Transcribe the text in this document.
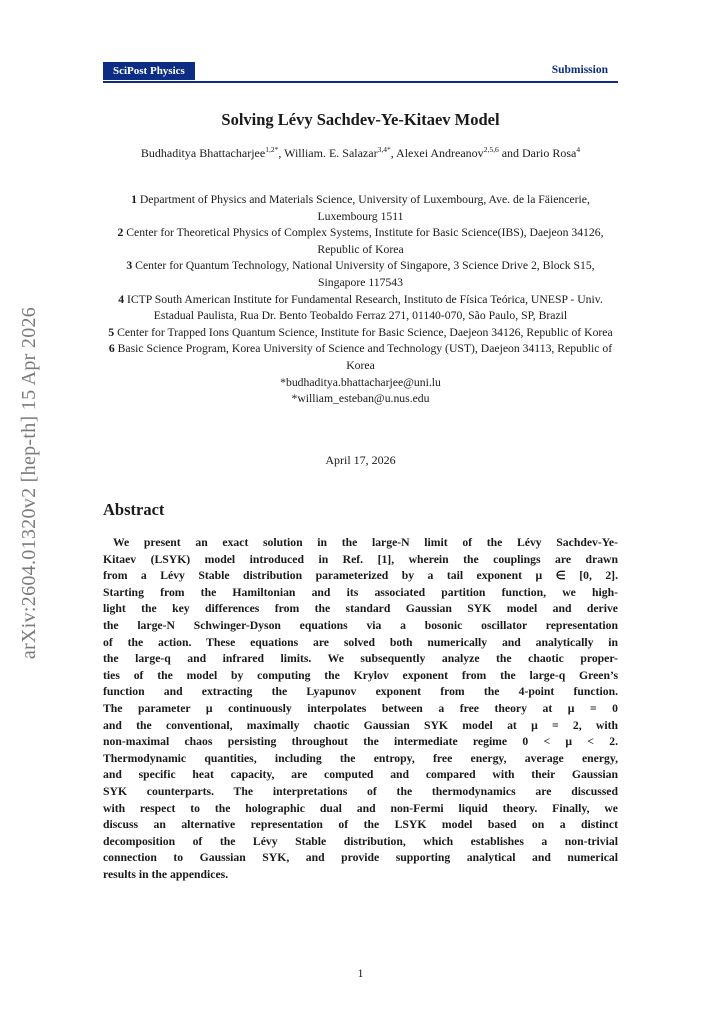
SciPost Physics	Submission
arXiv:2604.01320v2 [hep-th] 15 Apr 2026
Solving Lévy Sachdev-Ye-Kitaev Model
Budhaditya Bhattacharjee$^{1,2*}$, William. E. Salazar$^{3,4*}$, Alexei Andreanov$^{2,5,6}$ and Dario Rosa$^4$
1 Department of Physics and Materials Science, University of Luxembourg, Ave. de la Fäiencerie, Luxembourg 1511
2 Center for Theoretical Physics of Complex Systems, Institute for Basic Science(IBS), Daejeon 34126, Republic of Korea
3 Center for Quantum Technology, National University of Singapore, 3 Science Drive 2, Block S15, Singapore 117543
4 ICTP South American Institute for Fundamental Research, Instituto de Física Teórica, UNESP - Univ. Estadual Paulista, Rua Dr. Bento Teobaldo Ferraz 271, 01140-070, São Paulo, SP, Brazil
5 Center for Trapped Ions Quantum Science, Institute for Basic Science, Daejeon 34126, Republic of Korea
6 Basic Science Program, Korea University of Science and Technology (UST), Daejeon 34113, Republic of Korea
*budhaditya.bhattacharjee@uni.lu
*william_esteban@u.nus.edu
April 17, 2026
Abstract
We present an exact solution in the large-N limit of the Lévy Sachdev-Ye-
Kitaev (LSYK) model introduced in Ref. [1], wherein the couplings are drawn
from a Lévy Stable distribution parameterized by a tail exponent μ ∈ [0, 2].
Starting from the Hamiltonian and its associated partition function, we high-
light the key differences from the standard Gaussian SYK model and derive
the large-N Schwinger-Dyson equations via a bosonic oscillator representation
of the action. These equations are solved both numerically and analytically in
the large-q and infrared limits. We subsequently analyze the chaotic proper-
ties of the model by computing the Krylov exponent from the large-q Green’s
function and extracting the Lyapunov exponent from the 4-point function.
The parameter μ continuously interpolates between a free theory at μ = 0
and the conventional, maximally chaotic Gaussian SYK model at μ = 2, with
non-maximal chaos persisting throughout the intermediate regime 0 < μ < 2.
Thermodynamic quantities, including the entropy, free energy, average energy,
and specific heat capacity, are computed and compared with their Gaussian
SYK counterparts. The interpretations of the thermodynamics are discussed
with respect to the holographic dual and non-Fermi liquid theory. Finally, we
discuss an alternative representation of the LSYK model based on a distinct
decomposition of the Lévy Stable distribution, which establishes a non-trivial
connection to Gaussian SYK, and provide supporting analytical and numerical
results in the appendices.
1
